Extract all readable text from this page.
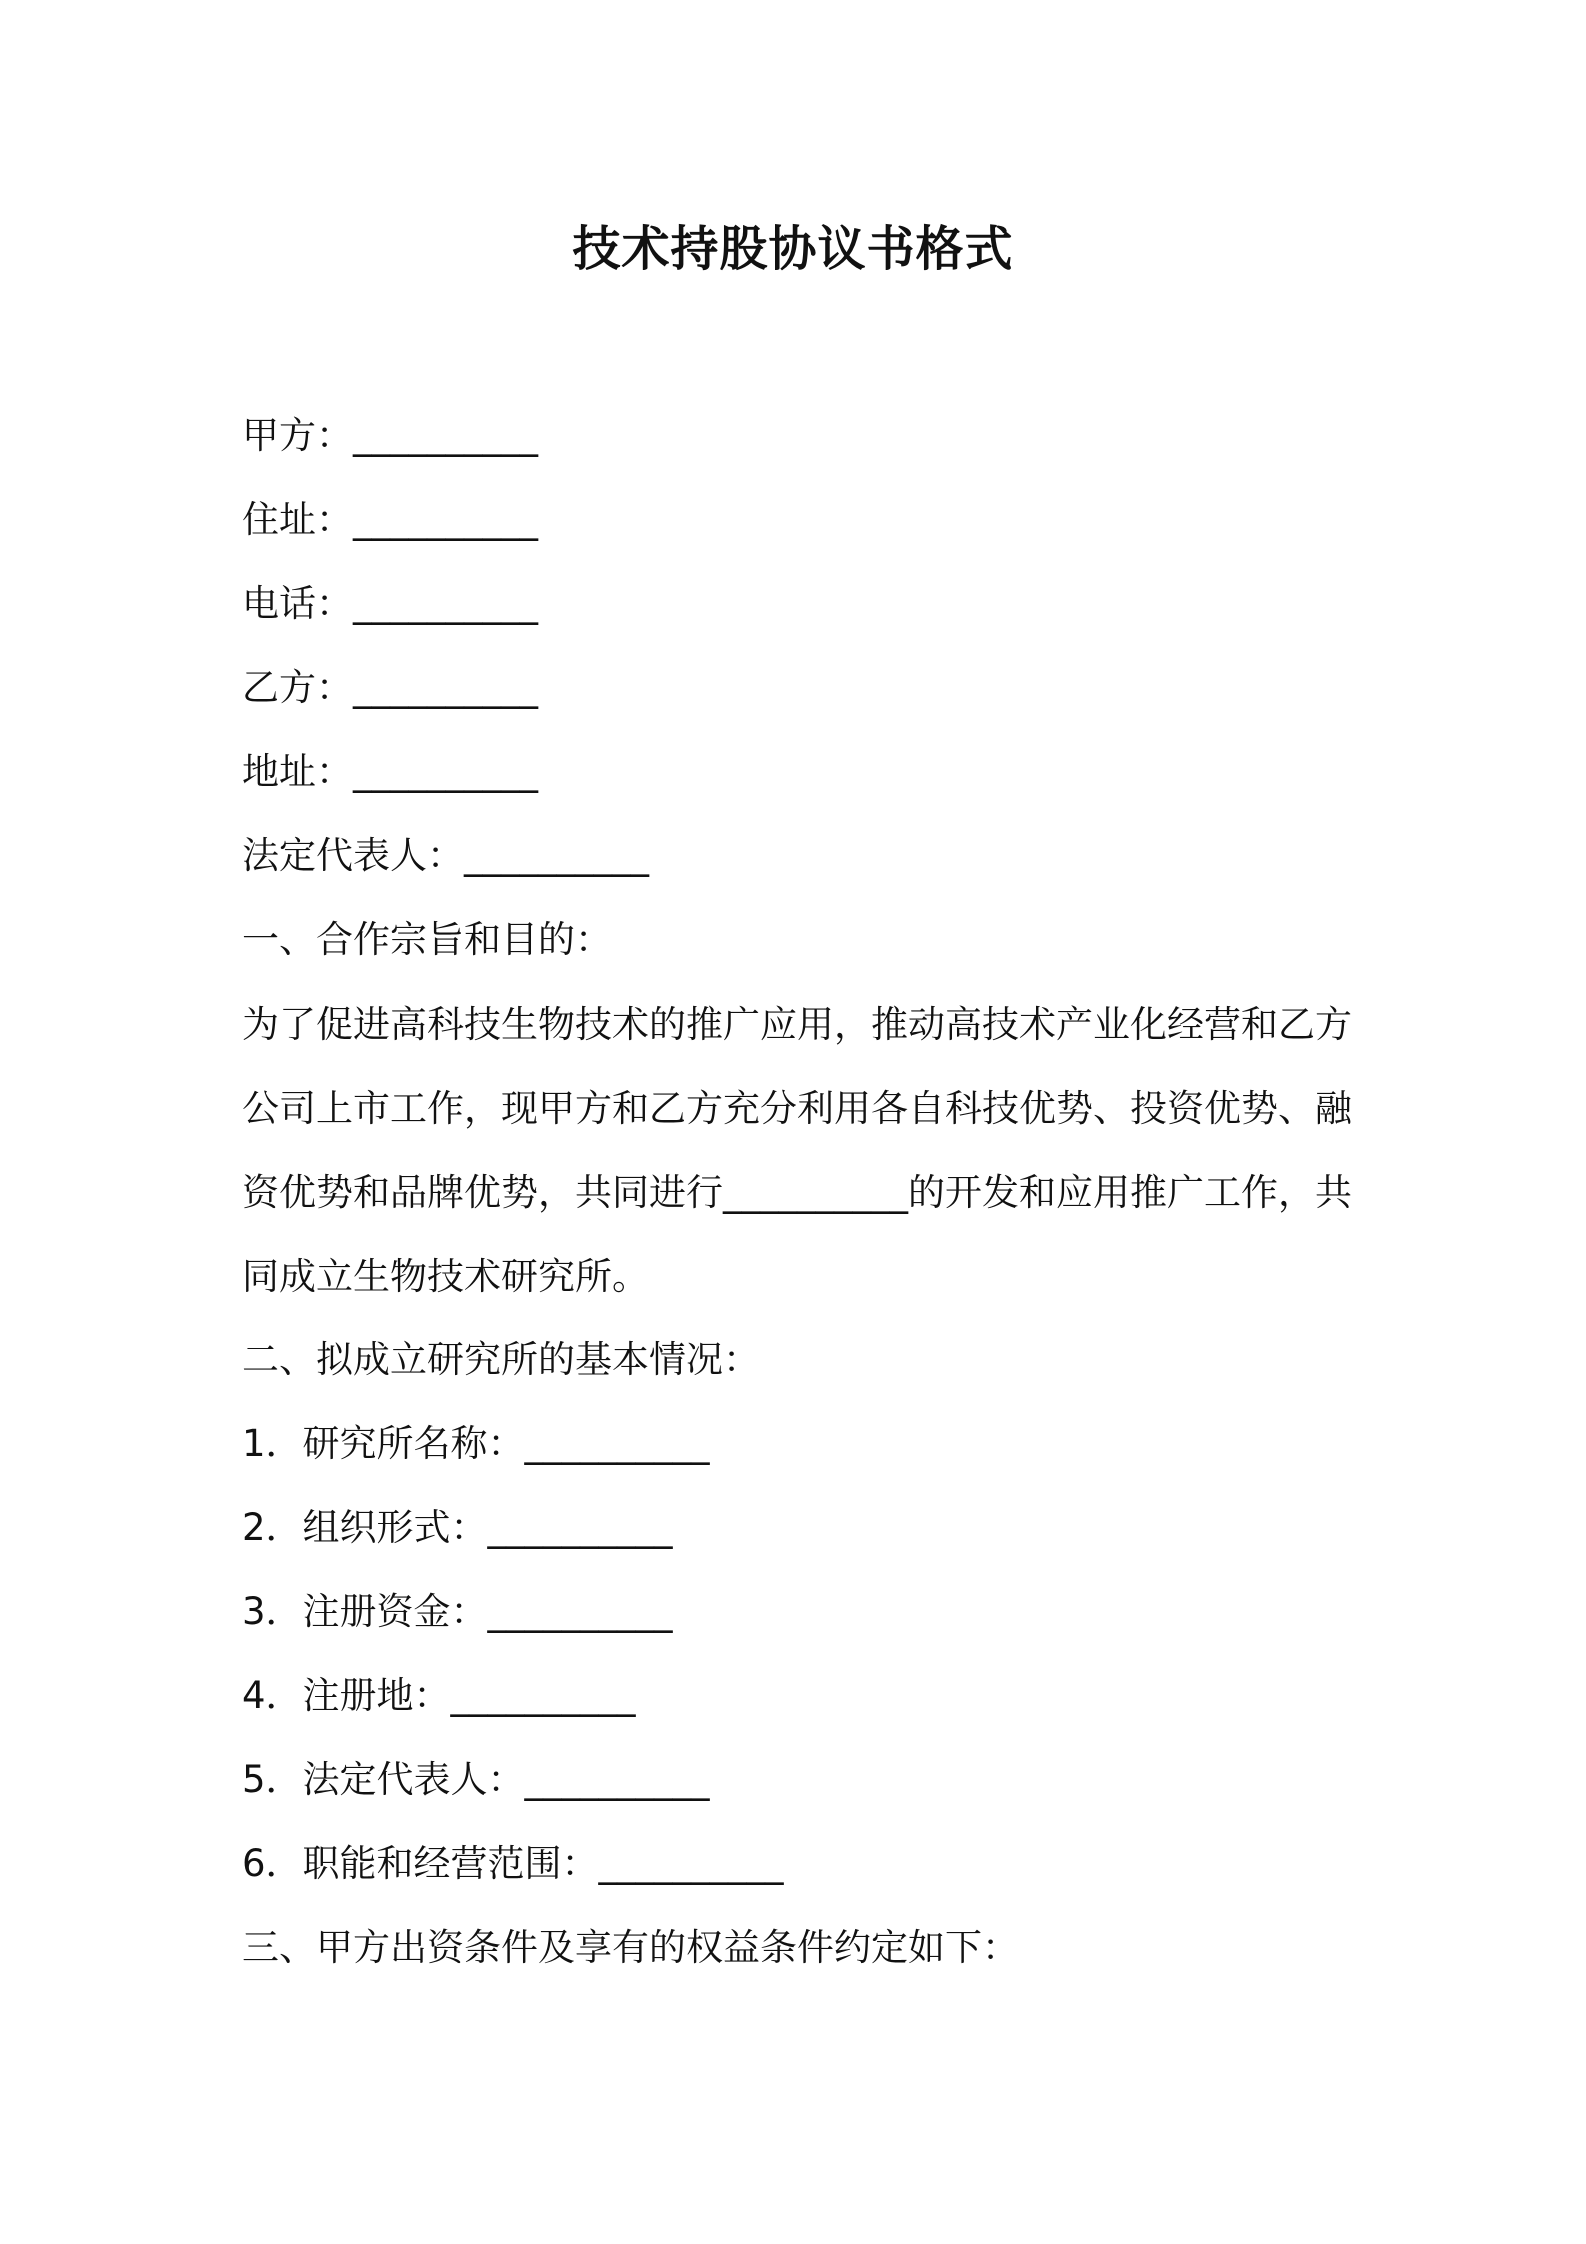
技术持股协议书格式
甲方：__________
住址：__________
电话：__________
乙方：__________
地址：__________
法定代表人：__________
一、合作宗旨和目的：
为了促进高科技生物技术的推广应用，推动高技术产业化经营和乙方公司上市工作，现甲方和乙方充分利用各自科技优势、投资优势、融资优势和品牌优势，共同进行__________的开发和应用推广工作，共同成立生物技术研究所。
二、拟成立研究所的基本情况：
1．研究所名称：__________
2．组织形式：__________
3．注册资金：__________
4．注册地：__________
5．法定代表人：__________
6．职能和经营范围：__________
三、甲方出资条件及享有的权益条件约定如下：
